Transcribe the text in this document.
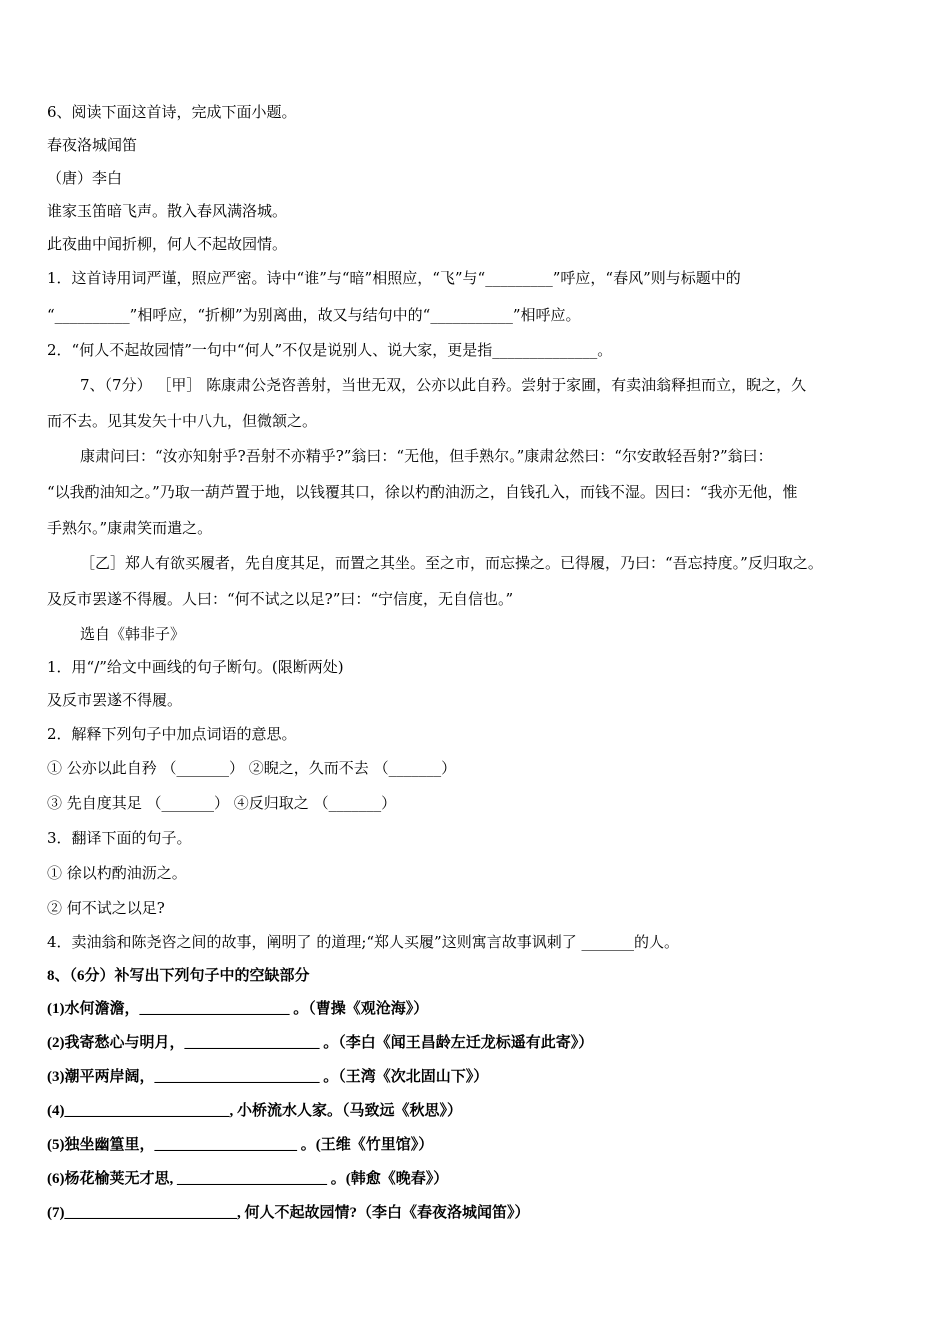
6、阅读下面这首诗，完成下面小题。
春夜洛城闻笛
（唐）李白
谁家玉笛暗飞声。散入春风满洛城。
此夜曲中闻折柳，何人不起故园情。
1．这首诗用词严谨，照应严密。诗中“谁”与“暗”相照应，“飞”与“_________”呼应，“春风”则与标题中的
“__________”相呼应，“折柳”为别离曲，故又与结句中的“___________”相呼应。
2．“何人不起故园情”一句中“何人”不仅是说别人、说大家，更是指______________。
7、（7分） ［甲］ 陈康肃公尧咨善射，当世无双，公亦以此自矜。尝射于家圃，有卖油翁释担而立，睨之，久
而不去。见其发矢十中八九，但微颔之。
康肃问曰：“汝亦知射乎?吾射不亦精乎?”翁曰：“无他，但手熟尔。”康肃忿然曰：“尔安敢轻吾射?”翁曰：
“以我酌油知之。”乃取一葫芦置于地，以钱覆其口，徐以杓酌油沥之，自钱孔入，而钱不湿。因曰：“我亦无他，惟
手熟尔。”康肃笑而遣之。
［乙］郑人有欲买履者，先自度其足，而置之其坐。至之市，而忘操之。已得履，乃曰：“吾忘持度。”反归取之。
及反市罢遂不得履。人曰：“何不试之以足?”曰：“宁信度，无自信也。”
选自《韩非子》
1．用“/”给文中画线的句子断句。(限断两处)
及反市罢遂不得履。
2．解释下列句子中加点词语的意思。
① 公亦以此自矜 （_______） ②睨之，久而不去 （_______）
③ 先自度其足 （_______） ④反归取之 （_______）
3．翻译下面的句子。
① 徐以杓酌油沥之。
② 何不试之以足?
4．卖油翁和陈尧咨之间的故事，阐明了 的道理;“郑人买履”这则寓言故事讽刺了 _______的人。
8、（6分）补写出下列句子中的空缺部分
(1)水何澹澹，____________________ 。（曹操《观沧海》）
(2)我寄愁心与明月，__________________ 。（李白《闻王昌龄左迁龙标遥有此寄》）
(3)潮平两岸阔，______________________ 。（王湾《次北固山下》）
(4)______________________, 小桥流水人家。（马致远《秋思》）
(5)独坐幽篁里，___________________ 。(王维《竹里馆》）
(6)杨花榆荚无才思, ____________________ 。(韩愈《晚春》）
(7)_______________________, 何人不起故园情?（李白《春夜洛城闻笛》）
